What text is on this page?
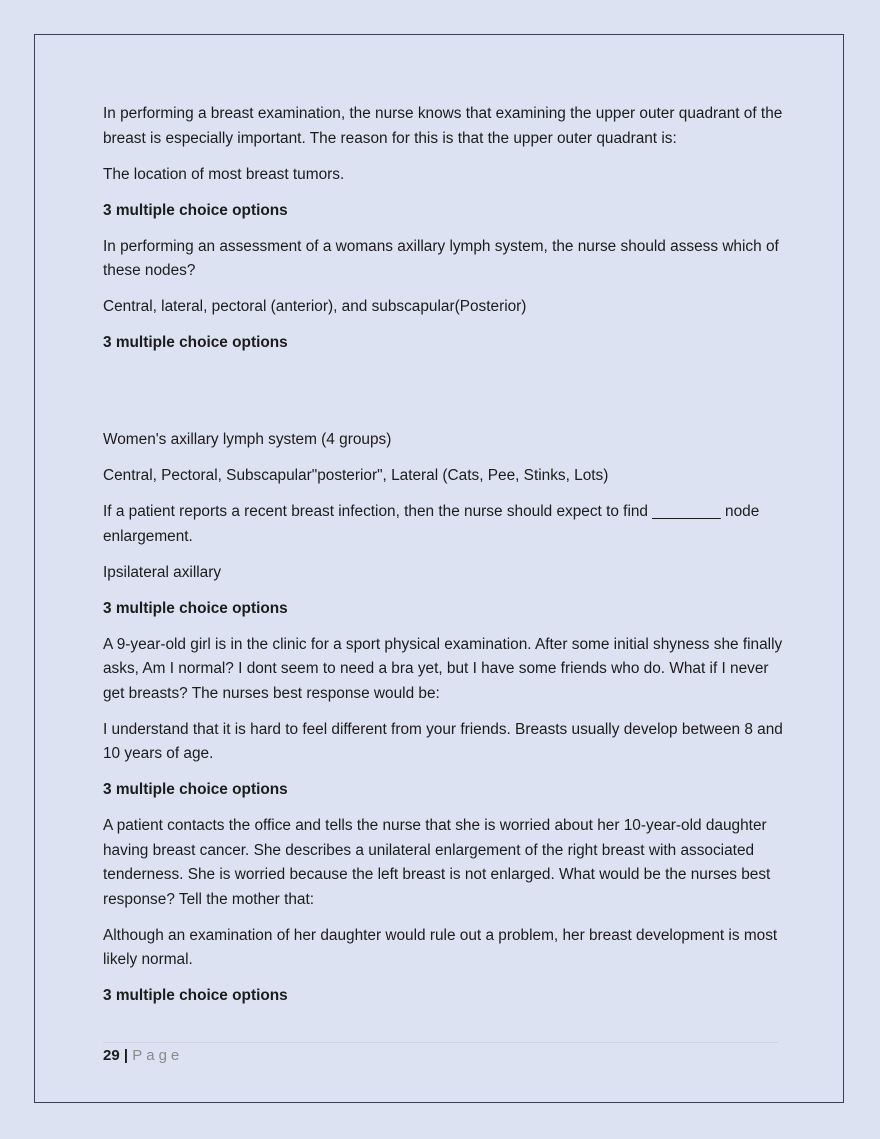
In performing a breast examination, the nurse knows that examining the upper outer quadrant of the breast is especially important. The reason for this is that the upper outer quadrant is:

The location of most breast tumors.

3 multiple choice options

In performing an assessment of a womans axillary lymph system, the nurse should assess which of these nodes?

Central, lateral, pectoral (anterior), and subscapular(Posterior)

3 multiple choice options

Women's axillary lymph system (4 groups)

Central, Pectoral, Subscapular"posterior", Lateral (Cats, Pee, Stinks, Lots)

If a patient reports a recent breast infection, then the nurse should expect to find ________ node enlargement.

Ipsilateral axillary

3 multiple choice options

A 9-year-old girl is in the clinic for a sport physical examination. After some initial shyness she finally asks, Am I normal? I dont seem to need a bra yet, but I have some friends who do. What if I never get breasts? The nurses best response would be:

I understand that it is hard to feel different from your friends. Breasts usually develop between 8 and 10 years of age.

3 multiple choice options

A patient contacts the office and tells the nurse that she is worried about her 10-year-old daughter having breast cancer. She describes a unilateral enlargement of the right breast with associated tenderness. She is worried because the left breast is not enlarged. What would be the nurses best response? Tell the mother that:

Although an examination of her daughter would rule out a problem, her breast development is most likely normal.

3 multiple choice options

29 | Page
